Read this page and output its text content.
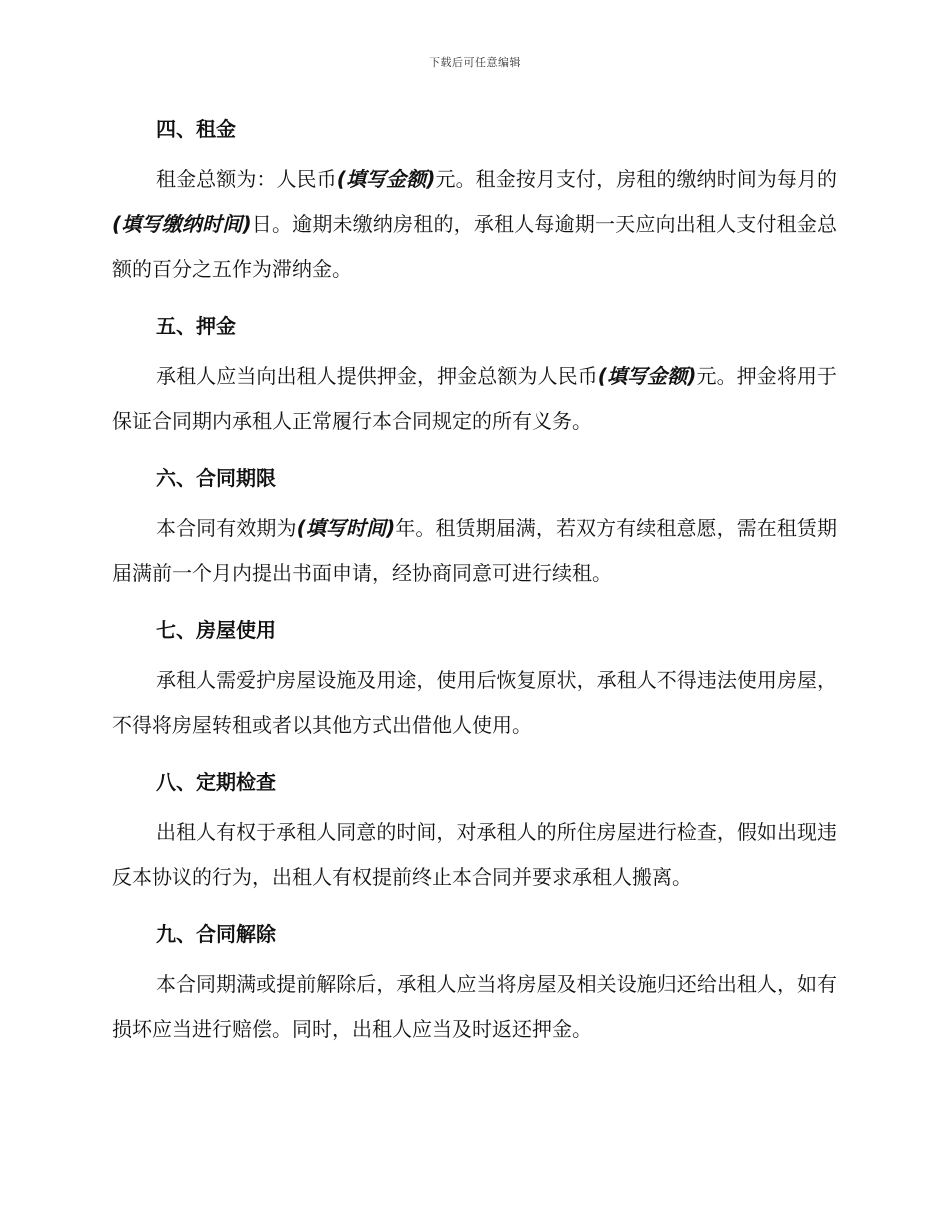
下载后可任意编辑
四、租金

租金总额为：人民币(填写金额)元。租金按月支付，房租的缴纳时间为每月的(填写缴纳时间)日。逾期未缴纳房租的，承租人每逾期一天应向出租人支付租金总额的百分之五作为滞纳金。

五、押金

承租人应当向出租人提供押金，押金总额为人民币(填写金额)元。押金将用于保证合同期内承租人正常履行本合同规定的所有义务。

六、合同期限

本合同有效期为(填写时间)年。租赁期届满，若双方有续租意愿，需在租赁期届满前一个月内提出书面申请，经协商同意可进行续租。

七、房屋使用

承租人需爱护房屋设施及用途，使用后恢复原状，承租人不得违法使用房屋，不得将房屋转租或者以其他方式出借他人使用。

八、定期检查

出租人有权于承租人同意的时间，对承租人的所住房屋进行检查，假如出现违反本协议的行为，出租人有权提前终止本合同并要求承租人搬离。

九、合同解除

本合同期满或提前解除后，承租人应当将房屋及相关设施归还给出租人，如有损坏应当进行赔偿。同时，出租人应当及时返还押金。
